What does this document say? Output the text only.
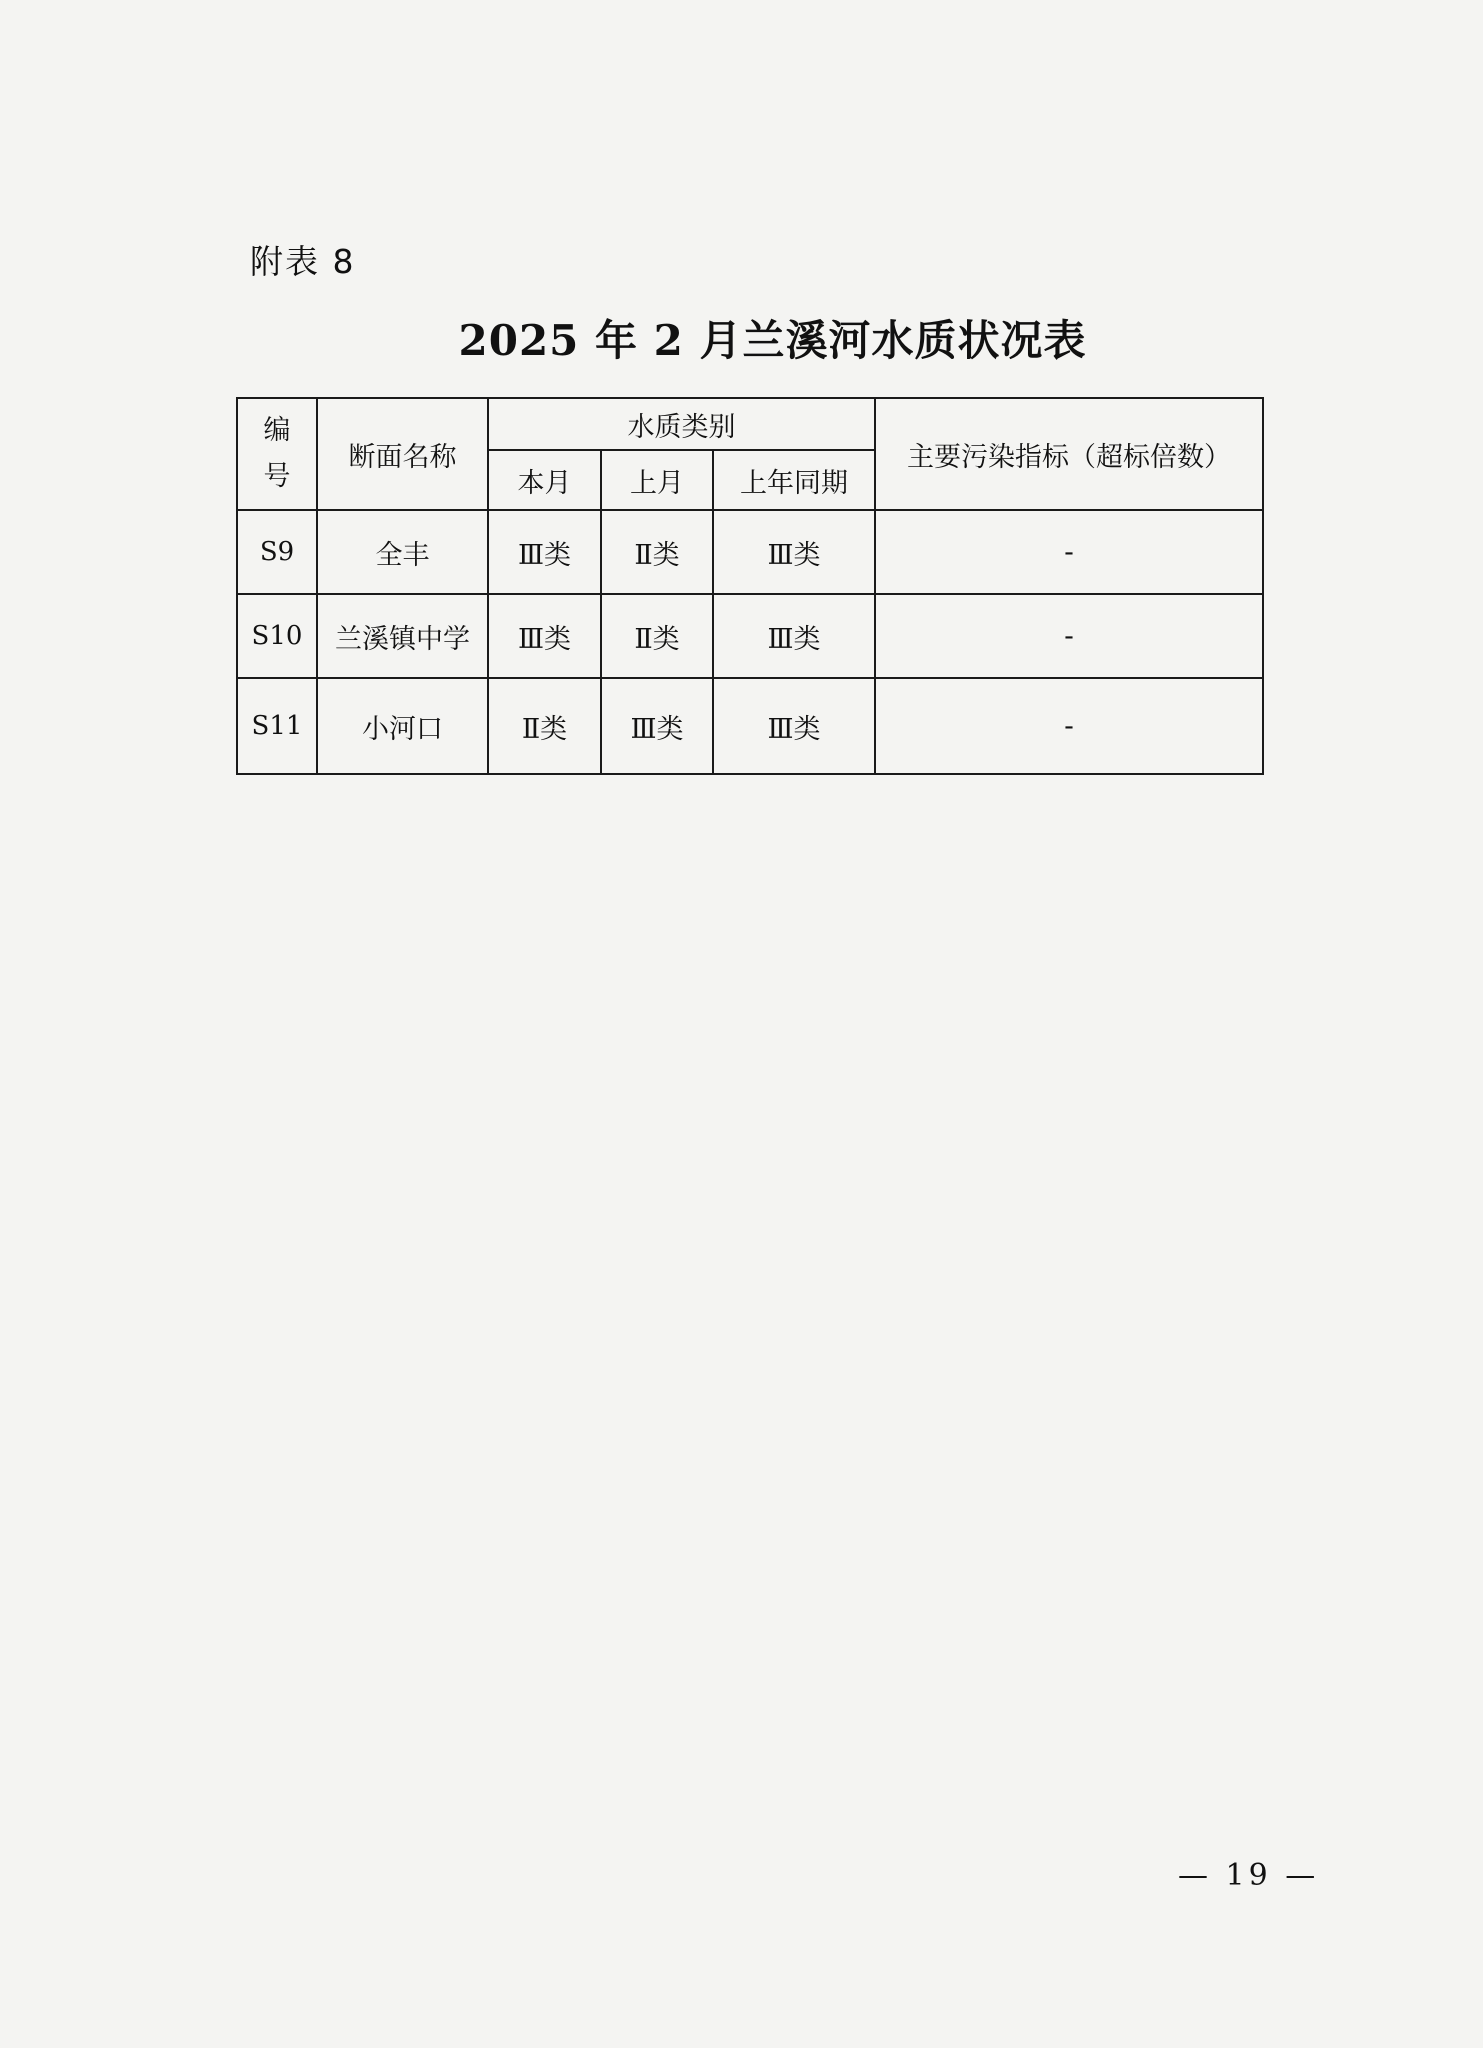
附表 8
2025 年 2 月兰溪河水质状况表
编
号	断面名称	水质类别			主要污染指标（超标倍数）
		本月	上月	上年同期	
S9	全丰	Ⅲ类	Ⅱ类	Ⅲ类	-
S10	兰溪镇中学	Ⅲ类	Ⅱ类	Ⅲ类	-
S11	小河口	Ⅱ类	Ⅲ类	Ⅲ类	-
— 19 —
